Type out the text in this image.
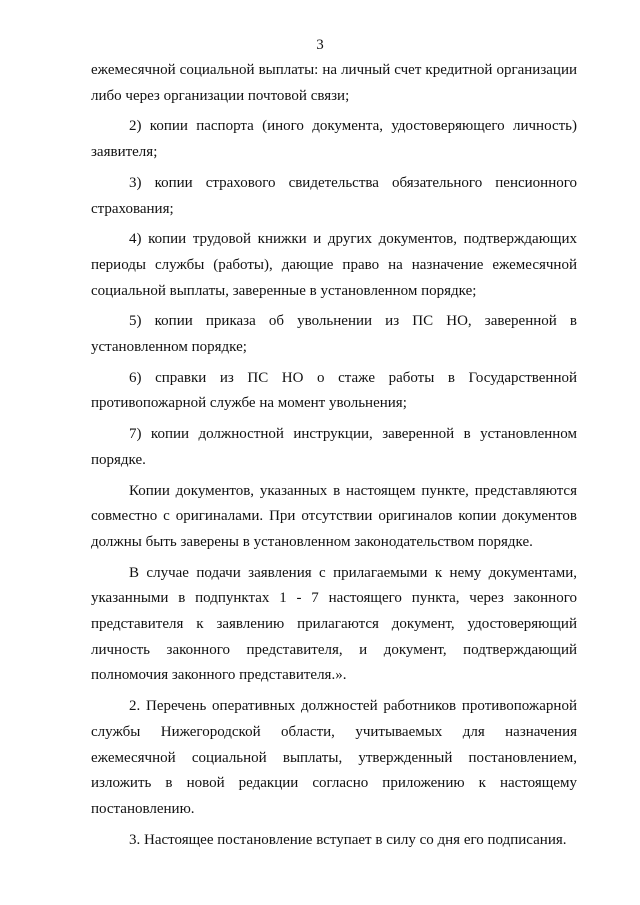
3
ежемесячной социальной выплаты: на личный счет кредитной организации
либо через организации почтовой связи;
2) копии паспорта (иного документа, удостоверяющего личность)
заявителя;
3) копии страхового свидетельства обязательного пенсионного
страхования;
4) копии трудовой книжки и других документов, подтверждающих
периоды службы (работы), дающие право на назначение ежемесячной
социальной выплаты, заверенные в установленном порядке;
5) копии приказа об увольнении из ПС НО, заверенной в
установленном порядке;
6) справки из ПС НО о стаже работы в Государственной
противопожарной службе на момент увольнения;
7) копии должностной инструкции, заверенной в установленном
порядке.
Копии документов, указанных в настоящем пункте, представляются
совместно с оригиналами. При отсутствии оригиналов копии документов
должны быть заверены в установленном законодательством порядке.
В случае подачи заявления с прилагаемыми к нему документами,
указанными в подпунктах 1 - 7 настоящего пункта, через законного
представителя к заявлению прилагаются документ, удостоверяющий
личность законного представителя, и документ, подтверждающий
полномочия законного представителя.».
2. Перечень оперативных должностей работников противопожарной
службы Нижегородской области, учитываемых для назначения
ежемесячной социальной выплаты, утвержденный постановлением,
изложить в новой редакции согласно приложению к настоящему
постановлению.
3. Настоящее постановление вступает в силу со дня его подписания.
